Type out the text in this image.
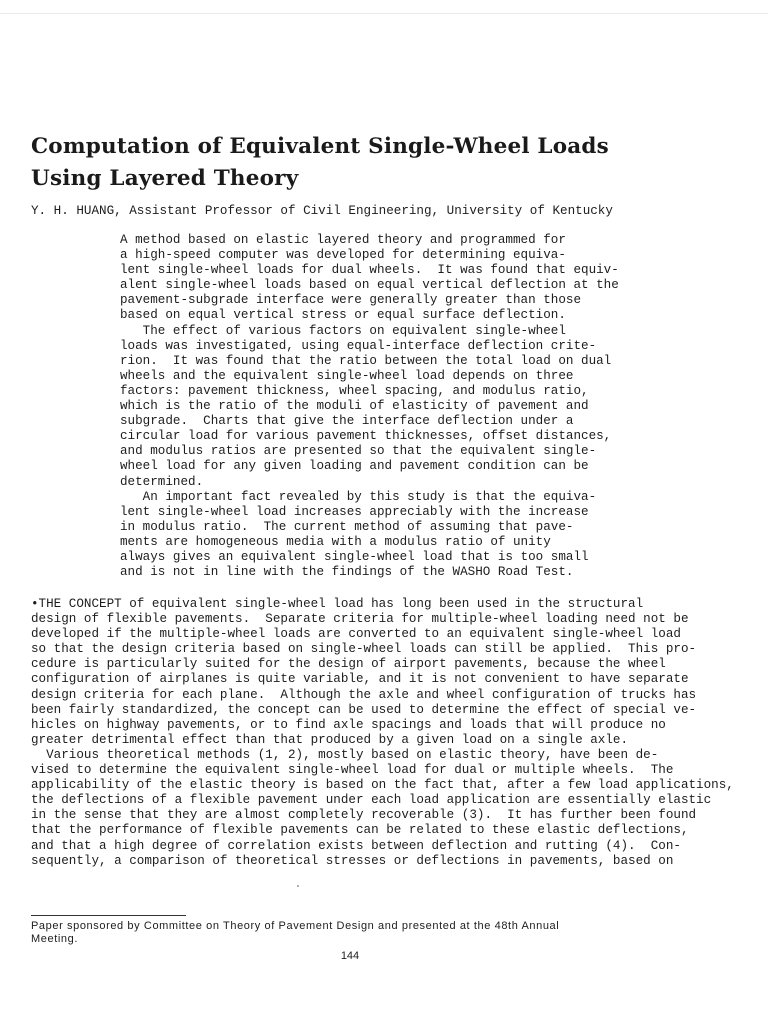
Computation of Equivalent Single-Wheel Loads
Using Layered Theory
Y. H. HUANG, Assistant Professor of Civil Engineering, University of Kentucky
A method based on elastic layered theory and programmed for
a high-speed computer was developed for determining equiva-
lent single-wheel loads for dual wheels.  It was found that equiv-
alent single-wheel loads based on equal vertical deflection at the
pavement-subgrade interface were generally greater than those
based on equal vertical stress or equal surface deflection.
The effect of various factors on equivalent single-wheel
loads was investigated, using equal-interface deflection crite-
rion.  It was found that the ratio between the total load on dual
wheels and the equivalent single-wheel load depends on three
factors: pavement thickness, wheel spacing, and modulus ratio,
which is the ratio of the moduli of elasticity of pavement and
subgrade.  Charts that give the interface deflection under a
circular load for various pavement thicknesses, offset distances,
and modulus ratios are presented so that the equivalent single-
wheel load for any given loading and pavement condition can be
determined.
An important fact revealed by this study is that the equiva-
lent single-wheel load increases appreciably with the increase
in modulus ratio.  The current method of assuming that pave-
ments are homogeneous media with a modulus ratio of unity
always gives an equivalent single-wheel load that is too small
and is not in line with the findings of the WASHO Road Test.
•THE CONCEPT of equivalent single-wheel load has long been used in the structural
design of flexible pavements.  Separate criteria for multiple-wheel loading need not be
developed if the multiple-wheel loads are converted to an equivalent single-wheel load
so that the design criteria based on single-wheel loads can still be applied.  This pro-
cedure is particularly suited for the design of airport pavements, because the wheel
configuration of airplanes is quite variable, and it is not convenient to have separate
design criteria for each plane.  Although the axle and wheel configuration of trucks has
been fairly standardized, the concept can be used to determine the effect of special ve-
hicles on highway pavements, or to find axle spacings and loads that will produce no
greater detrimental effect than that produced by a given load on a single axle.
Various theoretical methods (1, 2), mostly based on elastic theory, have been de-
vised to determine the equivalent single-wheel load for dual or multiple wheels.  The
applicability of the elastic theory is based on the fact that, after a few load applications,
the deflections of a flexible pavement under each load application are essentially elastic
in the sense that they are almost completely recoverable (3).  It has further been found
that the performance of flexible pavements can be related to these elastic deflections,
and that a high degree of correlation exists between deflection and rutting (4).  Con-
sequently, a comparison of theoretical stresses or deflections in pavements, based on
Paper sponsored by Committee on Theory of Pavement Design and presented at the 48th Annual
Meeting.
144
